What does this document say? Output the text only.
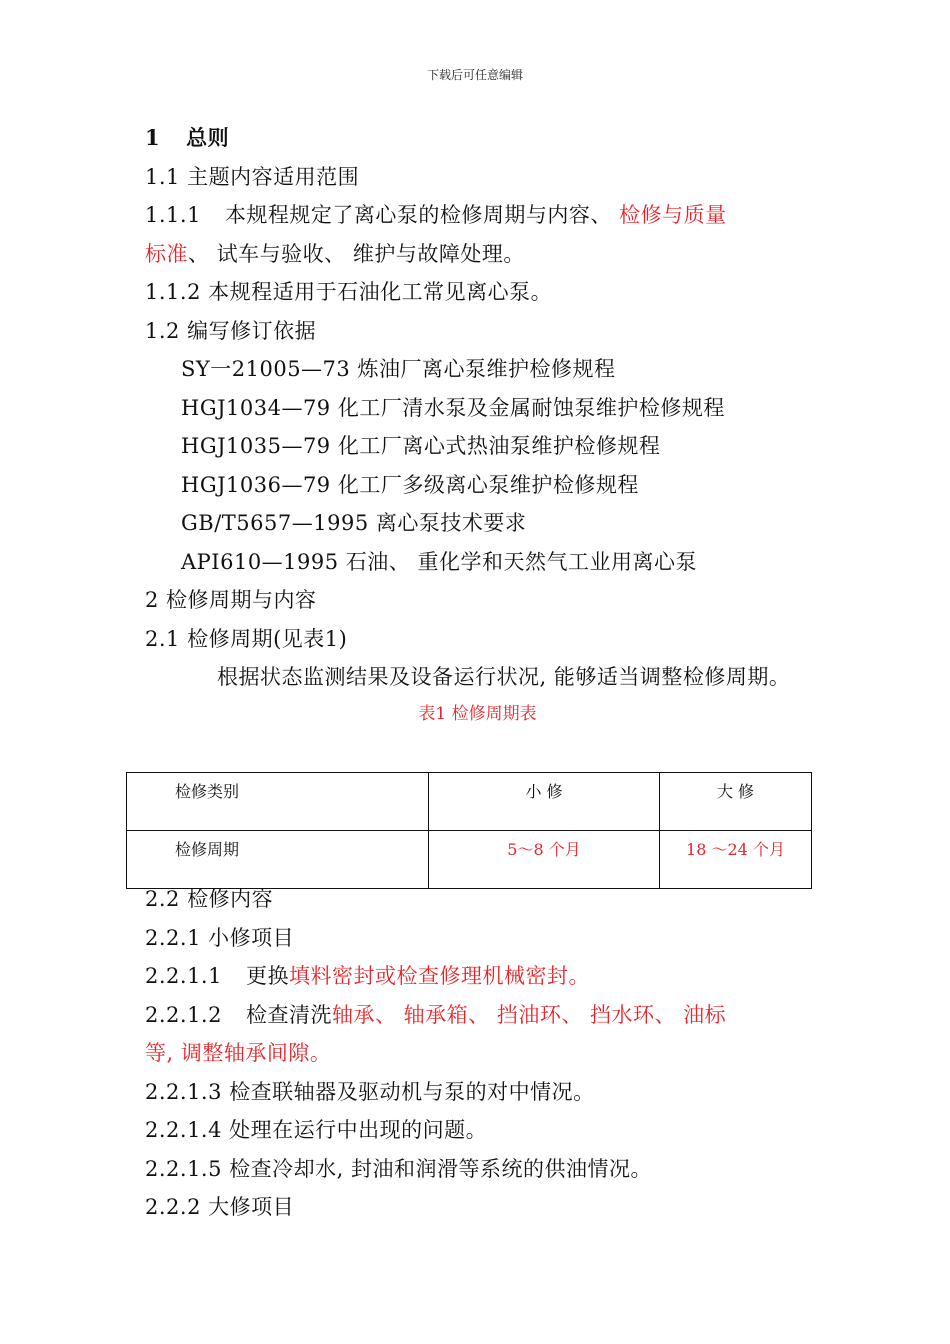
下载后可任意编辑
1 总则
1.1 主题内容适用范围
1.1.1 本规程规定了离心泵的检修周期与内容、 检修与质量
标准、 试车与验收、 维护与故障处理。
1.1.2 本规程适用于石油化工常见离心泵。
1.2 编写修订依据
SY一21005—73 炼油厂离心泵维护检修规程
HGJ1034—79 化工厂清水泵及金属耐蚀泵维护检修规程
HGJ1035—79 化工厂离心式热油泵维护检修规程
HGJ1036—79 化工厂多级离心泵维护检修规程
GB/T5657—1995 离心泵技术要求
API610—1995 石油、 重化学和天然气工业用离心泵
2 检修周期与内容
2.1 检修周期(见表1)
根据状态监测结果及设备运行状况, 能够适当调整检修周期。
表1 检修周期表
检修类别	小 修	大 修
检修周期	5～8 个月	18 ～24 个月
2.2 检修内容
2.2.1 小修项目
2.2.1.1 更换填料密封或检查修理机械密封。
2.2.1.2 检查清洗轴承、 轴承箱、 挡油环、 挡水环、 油标
等, 调整轴承间隙。
2.2.1.3 检查联轴器及驱动机与泵的对中情况。
2.2.1.4 处理在运行中出现的问题。
2.2.1.5 检查冷却水, 封油和润滑等系统的供油情况。
2.2.2 大修项目
